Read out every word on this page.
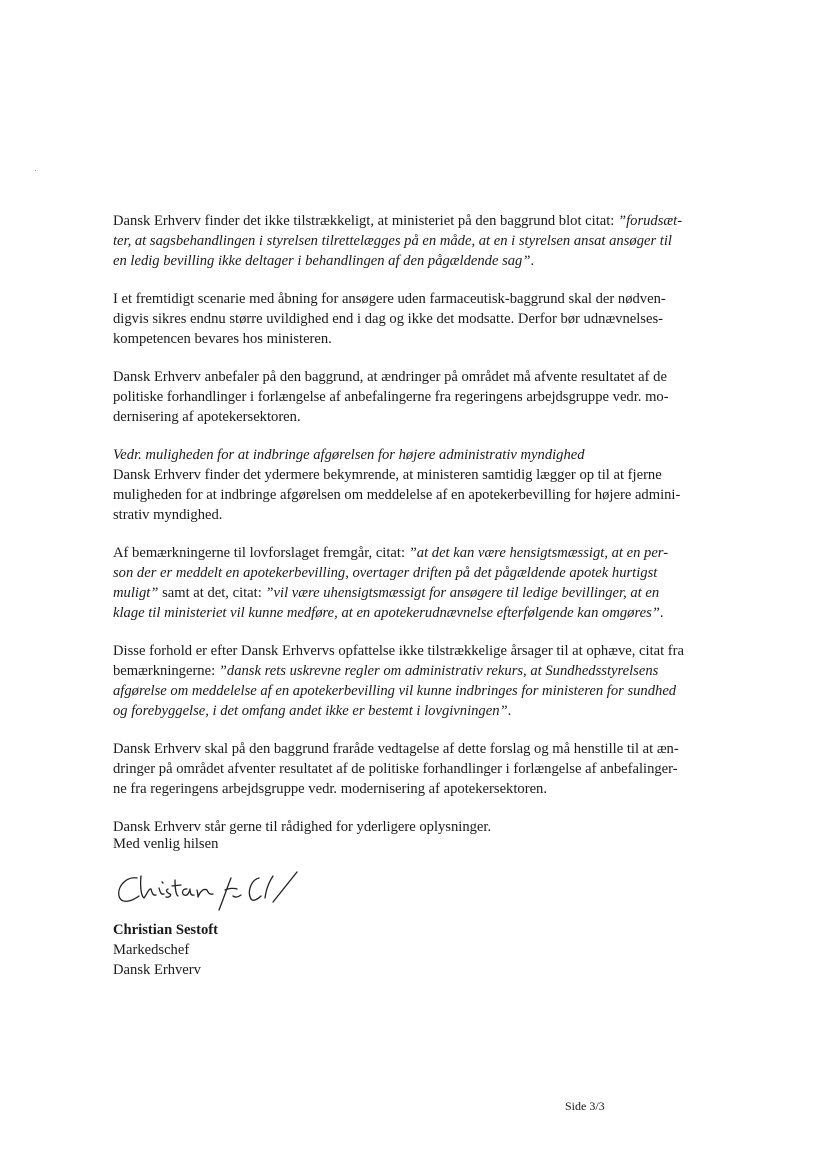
Dansk Erhverv finder det ikke tilstrækkeligt, at ministeriet på den baggrund blot citat: ”forudsæt-
ter, at sagsbehandlingen i styrelsen tilrettelægges på en måde, at en i styrelsen ansat ansøger til
en ledig bevilling ikke deltager i behandlingen af den pågældende sag”.

I et fremtidigt scenarie med åbning for ansøgere uden farmaceutisk-baggrund skal der nødven-
digvis sikres endnu større uvildighed end i dag og ikke det modsatte. Derfor bør udnævnelses-
kompetencen bevares hos ministeren.

Dansk Erhverv anbefaler på den baggrund, at ændringer på området må afvente resultatet af de
politiske forhandlinger i forlængelse af anbefalingerne fra regeringens arbejdsgruppe vedr. mo-
dernisering af apotekersektoren.

Vedr. muligheden for at indbringe afgørelsen for højere administrativ myndighed
Dansk Erhverv finder det ydermere bekymrende, at ministeren samtidig lægger op til at fjerne
muligheden for at indbringe afgørelsen om meddelelse af en apotekerbevilling for højere admini-
strativ myndighed.

Af bemærkningerne til lovforslaget fremgår, citat: ”at det kan være hensigtsmæssigt, at en per-
son der er meddelt en apotekerbevilling, overtager driften på det pågældende apotek hurtigst
muligt” samt at det, citat: ”vil være uhensigtsmæssigt for ansøgere til ledige bevillinger, at en
klage til ministeriet vil kunne medføre, at en apotekerudnævnelse efterfølgende kan omgøres”.

Disse forhold er efter Dansk Erhvervs opfattelse ikke tilstrækkelige årsager til at ophæve, citat fra
bemærkningerne: ”dansk rets uskrevne regler om administrativ rekurs, at Sundhedsstyrelsens
afgørelse om meddelelse af en apotekerbevilling vil kunne indbringes for ministeren for sundhed
og forebyggelse, i det omfang andet ikke er bestemt i lovgivningen”.

Dansk Erhverv skal på den baggrund fraråde vedtagelse af dette forslag og må henstille til at æn-
dringer på området afventer resultatet af de politiske forhandlinger i forlængelse af anbefalinger-
ne fra regeringens arbejdsgruppe vedr. modernisering af apotekersektoren.

Dansk Erhverv står gerne til rådighed for yderligere oplysninger.

Med venlig hilsen
Christian Sestoft
Markedschef
Dansk Erhverv
Side 3/3
